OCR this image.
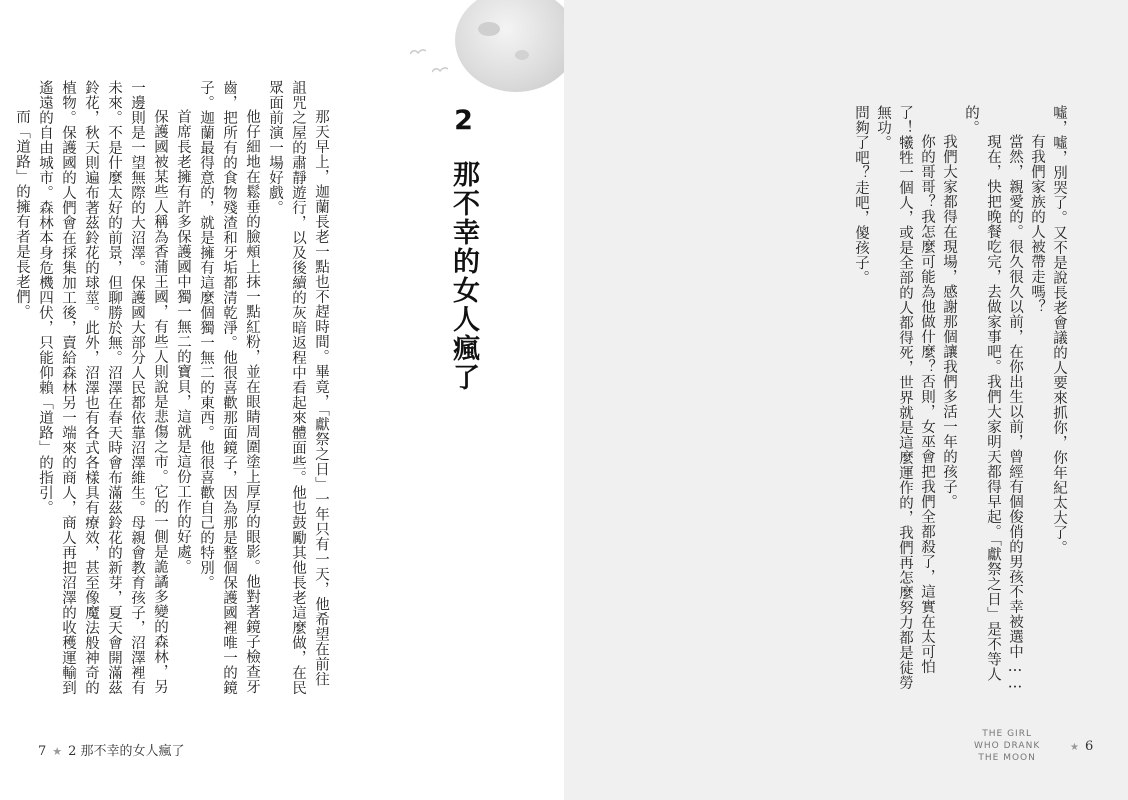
2那不幸的女人瘋了

那天早上，迦蘭長老一點也不趕時間。畢竟，「獻祭之日」一年只有一天，他希望在前往詛咒之屋的肅靜遊行，以及後續的灰暗返程中看起來體面些。他也鼓勵其他長老這麼做，在民眾面前演一場好戲。

他仔細地在鬆垂的臉頰上抹一點紅粉，並在眼睛周圍塗上厚厚的眼影。他對著鏡子檢查牙齒，把所有的食物殘渣和牙垢都清乾淨。他很喜歡那面鏡子，因為那是整個保護國裡唯一的鏡子。迦蘭最得意的，就是擁有這麼個獨一無二的東西。他很喜歡自己的特別。

首席長老擁有許多保護國中獨一無二的寶貝，這就是這份工作的好處。

保護國被某些人稱為香蒲王國，有些人則說是悲傷之市。它的一側是詭譎多變的森林，另一邊則是一望無際的大沼澤。保護國大部分人民都依靠沼澤維生。母親會教育孩子，沼澤裡有未來。不是什麼太好的前景，但聊勝於無。沼澤在春天時會布滿茲鈴花的新芽，夏天會開滿茲鈴花，秋天則遍布著茲鈴花的球莖。此外，沼澤也有各式各樣具有療效，甚至像魔法般神奇的植物。保護國的人們會在採集加工後，賣給森林另一端來的商人，商人再把沼澤的收穫運輸到遙遠的自由城市。森林本身危機四伏，只能仰賴「道路」的指引。

而「道路」的擁有者是長老們。

7 ★ 2 那不幸的女人瘋了

噓，噓，別哭了。又不是說長老會議的人要來抓你，你年紀太大了。

有我們家族的人被帶走嗎？

當然，親愛的。很久很久以前，在你出生以前，曾經有個俊俏的男孩不幸被選中……

現在，快把晚餐吃完，去做家事吧。我們大家明天都得早起。「獻祭之日」是不等人的。

我們大家都得在現場，感謝那個讓我們多活一年的孩子。

你的哥哥？我怎麼可能為他做什麼？否則，女巫會把我們全都殺了，這實在太可怕了！犧牲一個人，或是全部的人都得死，世界就是這麼運作的，我們再怎麼努力都是徒勞無功。

問夠了吧？走吧，傻孩子。

THE GIRL
WHO DRANK
THE MOON
★ 6
